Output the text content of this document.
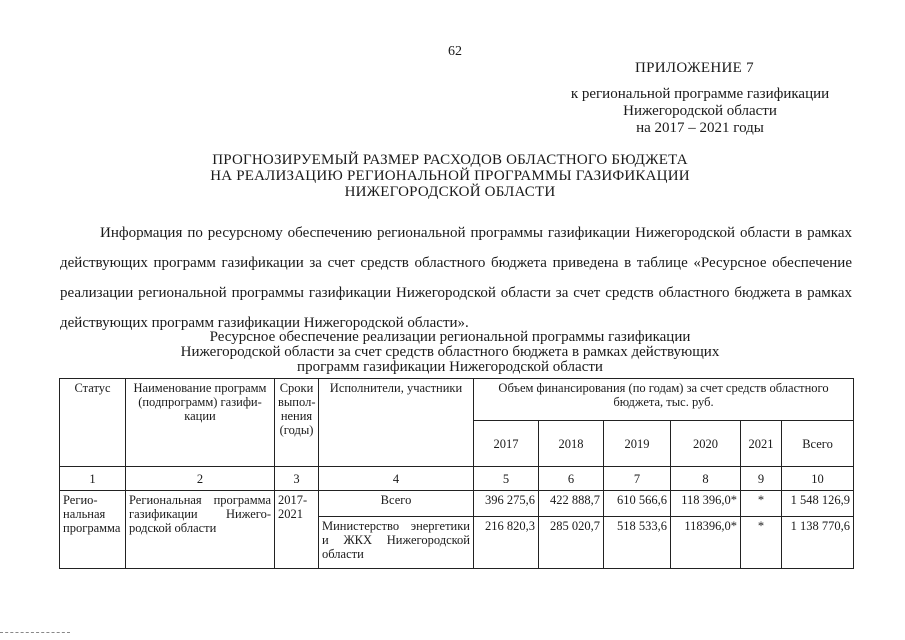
62
ПРИЛОЖЕНИЕ 7
к региональной программе газификации
Нижегородской области
на 2017 – 2021 годы
ПРОГНОЗИРУЕМЫЙ РАЗМЕР РАСХОДОВ ОБЛАСТНОГО БЮДЖЕТА
НА РЕАЛИЗАЦИЮ РЕГИОНАЛЬНОЙ ПРОГРАММЫ ГАЗИФИКАЦИИ
НИЖЕГОРОДСКОЙ ОБЛАСТИ
Информация по ресурсному обеспечению региональной программы газификации Нижегородской области в рамках действующих программ газификации за счет средств областного бюджета приведена в таблице «Ресурсное обеспечение реализации региональной программы газификации Нижегородской области за счет средств областного бюджета в рамках действующих программ газификации Нижегородской области».
Ресурсное обеспечение реализации региональной программы газификации
Нижегородской области за счет средств областного бюджета в рамках действующих
программ газификации Нижегородской области
Статус	Наименование программ (подпрограмм) газифи-кации	Сроки выпол-нения (годы)	Исполнители, участники	Объем финансирования (по годам) за счет средств областного бюджета, тыс. руб.					
				2017	2018	2019	2020	2021	Всего
1	2	3	4	5	6	7	8	9	10
Регио-нальная программа	Региональная программа газификации Нижего-родской области	2017-2021	Всего	396 275,6	422 888,7	610 566,6	118 396,0*	*	1 548 126,9
			Министерство энергетики и ЖКХ Нижегородской области	216 820,3	285 020,7	518 533,6	118396,0*	*	1 138 770,6
